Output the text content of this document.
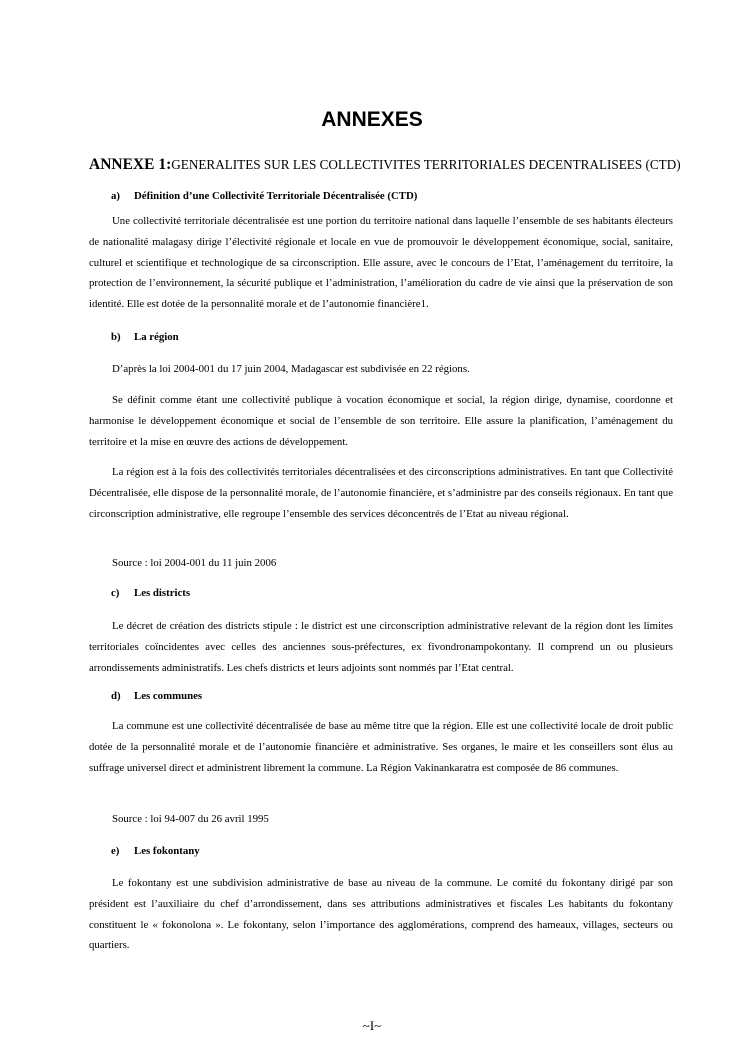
ANNEXES
ANNEXE 1:GENERALITES SUR LES COLLECTIVITES TERRITORIALES DECENTRALISEES (CTD)
a) Définition d’une Collectivité Territoriale Décentralisée (CTD)

Une collectivité territoriale décentralisée est une portion du territoire national dans laquelle l’ensemble de ses habitants électeurs de nationalité malagasy dirige l’électivité régionale et locale en vue de promouvoir le développement économique, social, sanitaire, culturel et scientifique et technologique de sa circonscription. Elle assure, avec le concours de l’Etat, l’aménagement du territoire, la protection de l’environnement, la sécurité publique et l’administration, l’amélioration du cadre de vie ainsi que la préservation de son identité. Elle est dotée de la personnalité morale et de l’autonomie financière1.

b) La région

D’après la loi 2004-001 du 17 juin 2004, Madagascar est subdivisée en 22 régions.

Se définit comme étant une collectivité publique à vocation économique et social, la région dirige, dynamise, coordonne et harmonise le développement économique et social de l’ensemble de son territoire. Elle assure la planification, l’aménagement du territoire et la mise en œuvre des actions de développement.

La région est à la fois des collectivités territoriales décentralisées et des circonscriptions administratives. En tant que Collectivité Décentralisée, elle dispose de la personnalité morale, de l’autonomie financière, et s’administre par des conseils régionaux. En tant que circonscription administrative, elle regroupe l’ensemble des services déconcentrés de l’Etat au niveau régional.

Source : loi 2004-001 du 11 juin 2006

c) Les districts

Le décret de création des districts stipule : le district est une circonscription administrative relevant de la région dont les limites territoriales coïncidentes avec celles des anciennes sous-préfectures, ex fivondronampokontany. Il comprend un ou plusieurs arrondissements administratifs. Les chefs districts et leurs adjoints sont nommés par l’Etat central.

d) Les communes

La commune est une collectivité décentralisée de base au même titre que la région. Elle est une collectivité locale de droit public dotée de la personnalité morale et de l’autonomie financière et administrative. Ses organes, le maire et les conseillers sont élus au suffrage universel direct et administrent librement la commune. La Région Vakinankaratra est composée de 86 communes.

Source : loi 94-007 du 26 avril 1995

e) Les fokontany

Le fokontany est une subdivision administrative de base au niveau de la commune. Le comité du fokontany dirigé par son président est l’auxiliaire du chef d’arrondissement, dans ses attributions administratives et fiscales Les habitants du fokontany constituent le « fokonolona ». Le fokontany, selon l’importance des agglomérations, comprend des hameaux, villages, secteurs ou quartiers.

~I~
